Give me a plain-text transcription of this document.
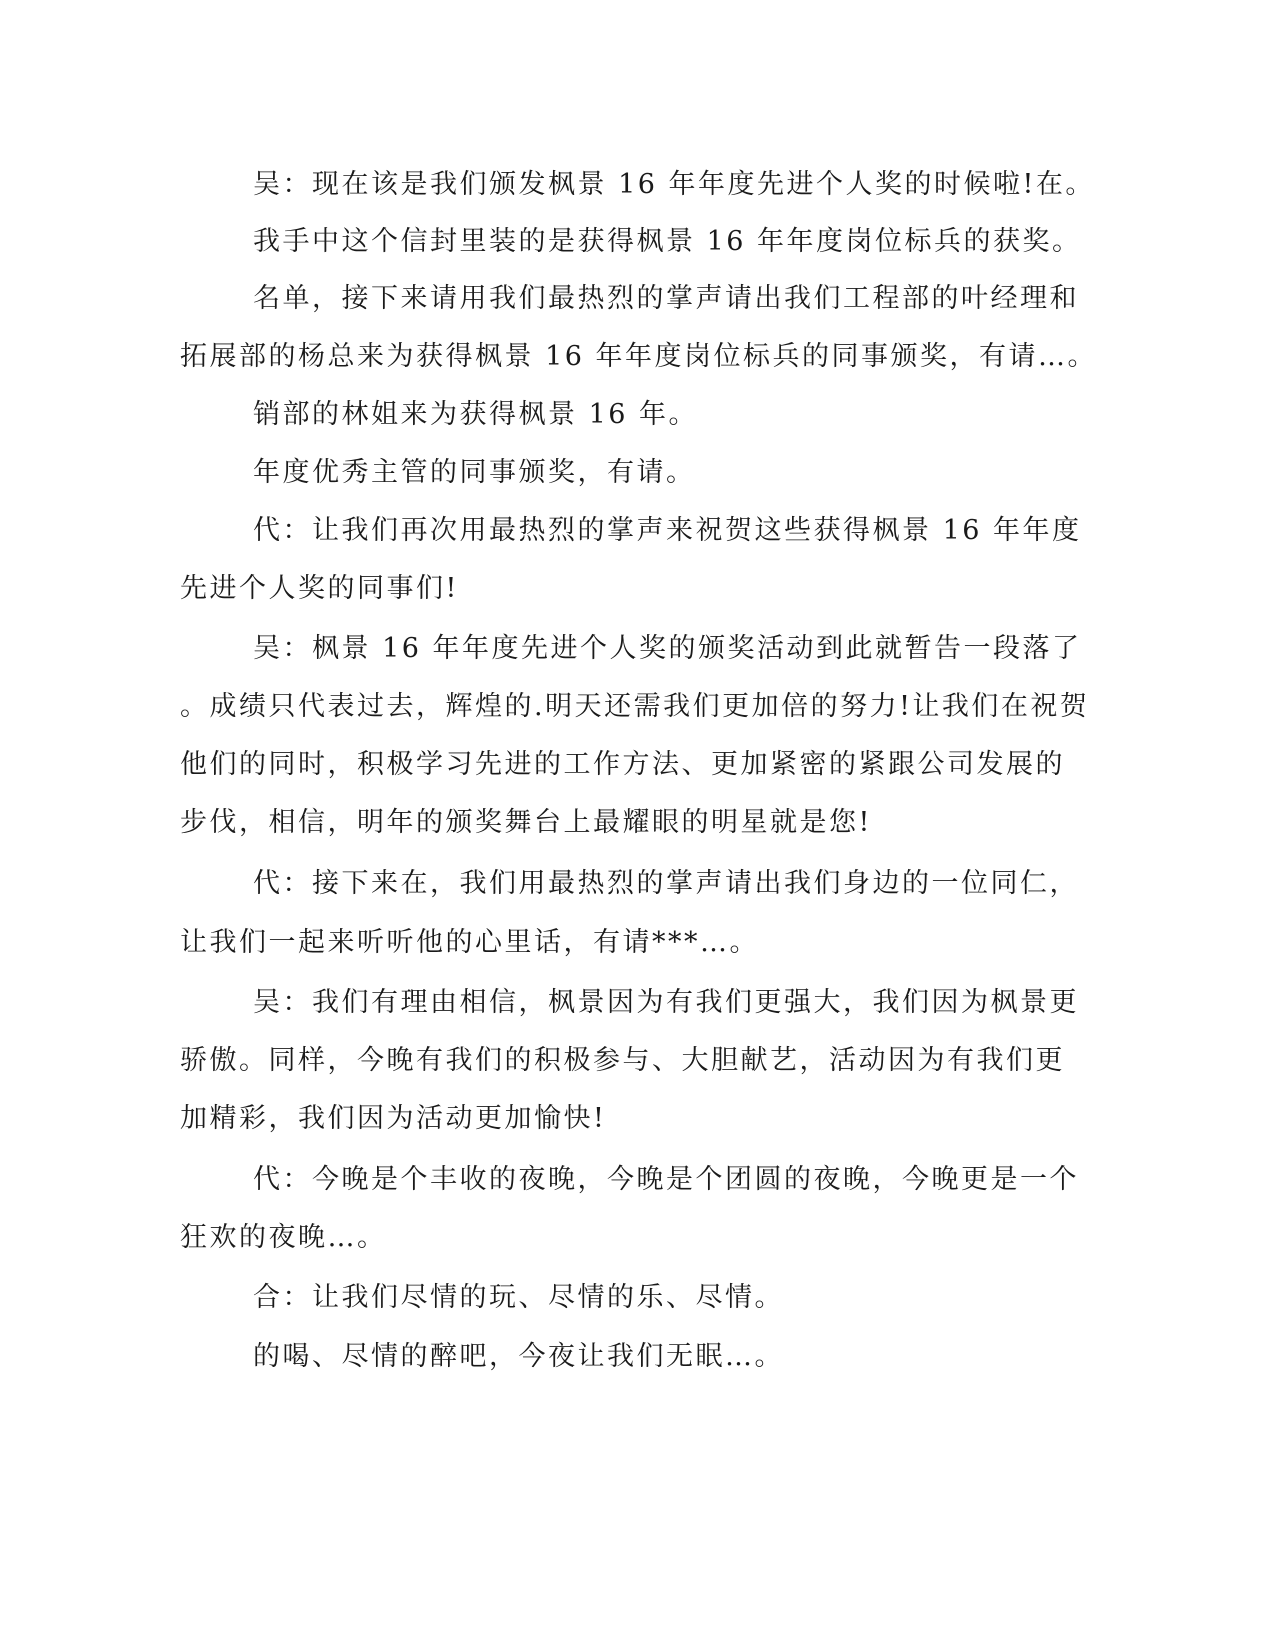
吴：现在该是我们颁发枫景 16 年年度先进个人奖的时候啦!在。
我手中这个信封里装的是获得枫景 16 年年度岗位标兵的获奖。
名单，接下来请用我们最热烈的掌声请出我们工程部的叶经理和
拓展部的杨总来为获得枫景 16 年年度岗位标兵的同事颁奖，有请…。
销部的林姐来为获得枫景 16 年。
年度优秀主管的同事颁奖，有请。
代：让我们再次用最热烈的掌声来祝贺这些获得枫景 16 年年度
先进个人奖的同事们!
吴：枫景 16 年年度先进个人奖的颁奖活动到此就暂告一段落了
。成绩只代表过去，辉煌的.明天还需我们更加倍的努力!让我们在祝贺
他们的同时，积极学习先进的工作方法、更加紧密的紧跟公司发展的
步伐，相信，明年的颁奖舞台上最耀眼的明星就是您!
代：接下来在，我们用最热烈的掌声请出我们身边的一位同仁，
让我们一起来听听他的心里话，有请***…。
吴：我们有理由相信，枫景因为有我们更强大，我们因为枫景更
骄傲。同样，今晚有我们的积极参与、大胆献艺，活动因为有我们更
加精彩，我们因为活动更加愉快!
代：今晚是个丰收的夜晚，今晚是个团圆的夜晚，今晚更是一个
狂欢的夜晚…。
合：让我们尽情的玩、尽情的乐、尽情。
的喝、尽情的醉吧，今夜让我们无眠…。
